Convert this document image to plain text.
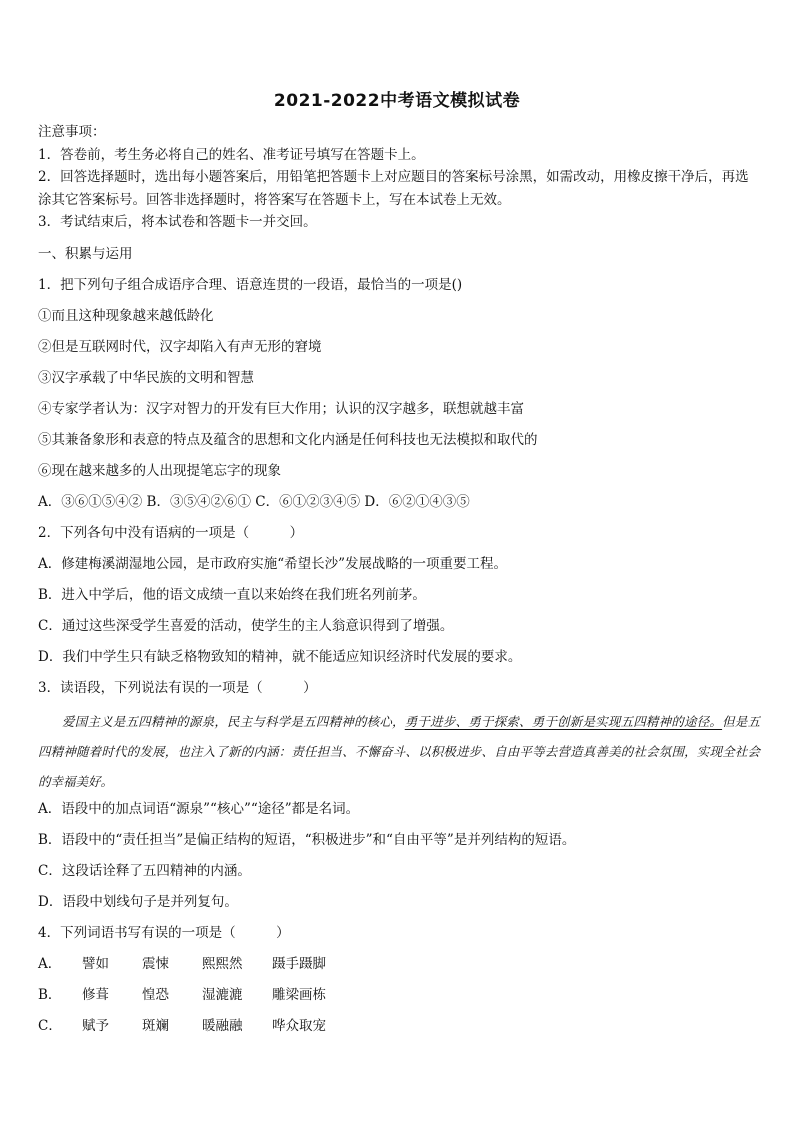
2021-2022中考语文模拟试卷

注意事项：

1．答卷前，考生务必将自己的姓名、准考证号填写在答题卡上。

2．回答选择题时，选出每小题答案后，用铅笔把答题卡上对应题目的答案标号涂黑，如需改动，用橡皮擦干净后，再选涂其它答案标号。回答非选择题时，将答案写在答题卡上，写在本试卷上无效。

3．考试结束后，将本试卷和答题卡一并交回。

一、积累与运用
1．把下列句子组合成语序合理、语意连贯的一段语，最恰当的一项是()
①而且这种现象越来越低龄化
②但是互联网时代，汉字却陷入有声无形的窘境
③汉字承载了中华民族的文明和智慧
④专家学者认为：汉字对智力的开发有巨大作用；认识的汉字越多，联想就越丰富
⑤其兼备象形和表意的特点及蕴含的思想和文化内涵是任何科技也无法模拟和取代的
⑥现在越来越多的人出现提笔忘字的现象
A．③⑥①⑤④② B．③⑤④②⑥① C．⑥①②③④⑤ D．⑥②①④③⑤
2．下列各句中没有语病的一项是（　　　）
A．修建梅溪湖湿地公园，是市政府实施“希望长沙”发展战略的一项重要工程。
B．进入中学后，他的语文成绩一直以来始终在我们班名列前茅。
C．通过这些深受学生喜爱的活动，使学生的主人翁意识得到了增强。
D．我们中学生只有缺乏格物致知的精神，就不能适应知识经济时代发展的要求。
3．读语段，下列说法有误的一项是（　　　）
爱国主义是五四精神的源泉，民主与科学是五四精神的核心，勇于进步、勇于探索、勇于创新是实现五四精神的途径。但是五四精神随着时代的发展，也注入了新的内涵：责任担当、不懈奋斗、以积极进步、自由平等去营造真善美的社会氛围，实现全社会的幸福美好。
A．语段中的加点词语“源泉”“核心”“途径”都是名词。
B．语段中的“责任担当”是偏正结构的短语，“积极进步”和“自由平等”是并列结构的短语。
C．这段话诠释了五四精神的内涵。
D．语段中划线句子是并列复句。
4．下列词语书写有误的一项是（　　　）
A．	譬如	震悚	熙熙然	蹑手蹑脚
B．	修葺	惶恐	湿漉漉	雕梁画栋
C．	赋予	斑斓	暖融融	哗众取宠
